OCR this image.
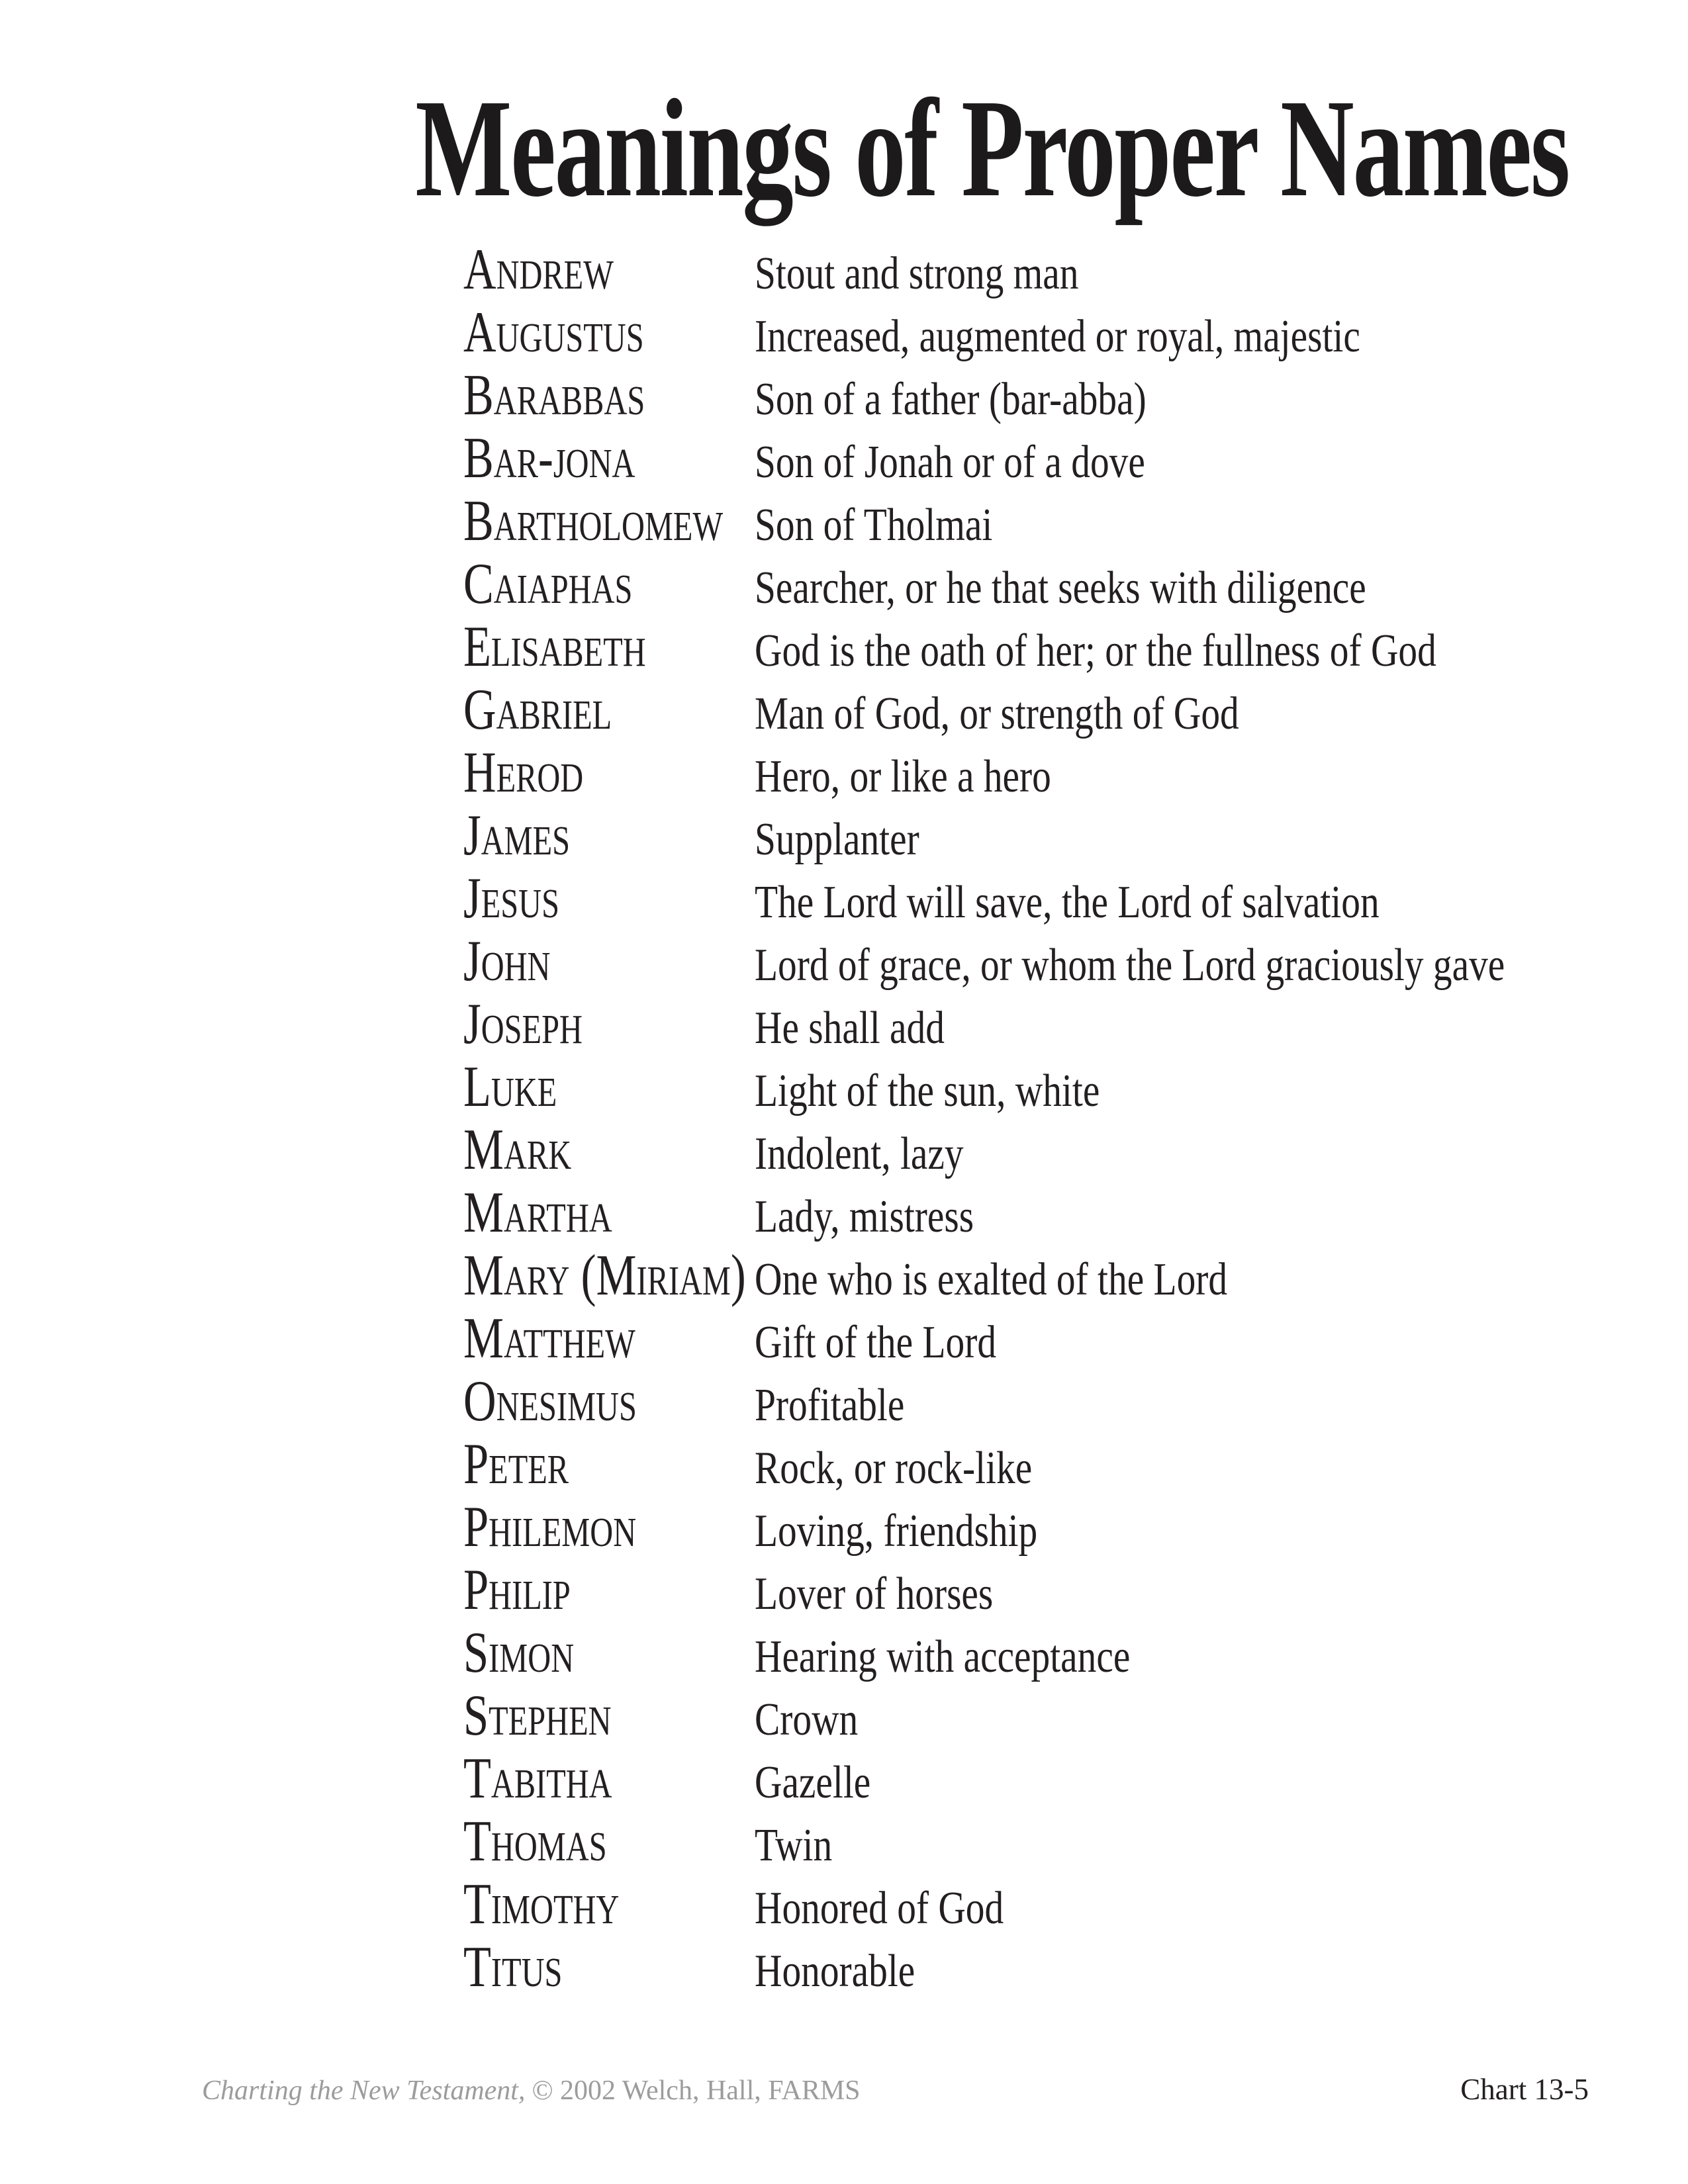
Meanings of Proper Names
Andrew	Stout and strong man
Augustus Increased, augmented or royal, majestic
Barabbas Son of a father (bar-abba)
Bar-jona	Son of Jonah or of a dove
Bartholomew Son of Tholmai
Caiaphas	Searcher, or he that seeks with diligence
Elisabeth God is the oath of her; or the fullness of God
Gabriel	Man of God, or strength of God
Herod	Hero, or like a hero
James	Supplanter
Jesus	The Lord will save, the Lord of salvation
John	Lord of grace, or whom the Lord graciously gave
Joseph	He shall add
Luke	Light of the sun, white
Mark	Indolent, lazy
Martha	Lady, mistress
Mary (Miriam) One who is exalted of the Lord
Matthew	Gift of the Lord
Onesimus	Profitable
Peter	Rock, or rock-like
Philemon	Loving, friendship
Philip	Lover of horses
Simon	Hearing with acceptance
Stephen	Crown
Tabitha	Gazelle
Thomas	Twin
Timothy	Honored of God
Titus	Honorable
Charting the New Testament, © 2002 Welch, Hall, FARMS	Chart 13-5
